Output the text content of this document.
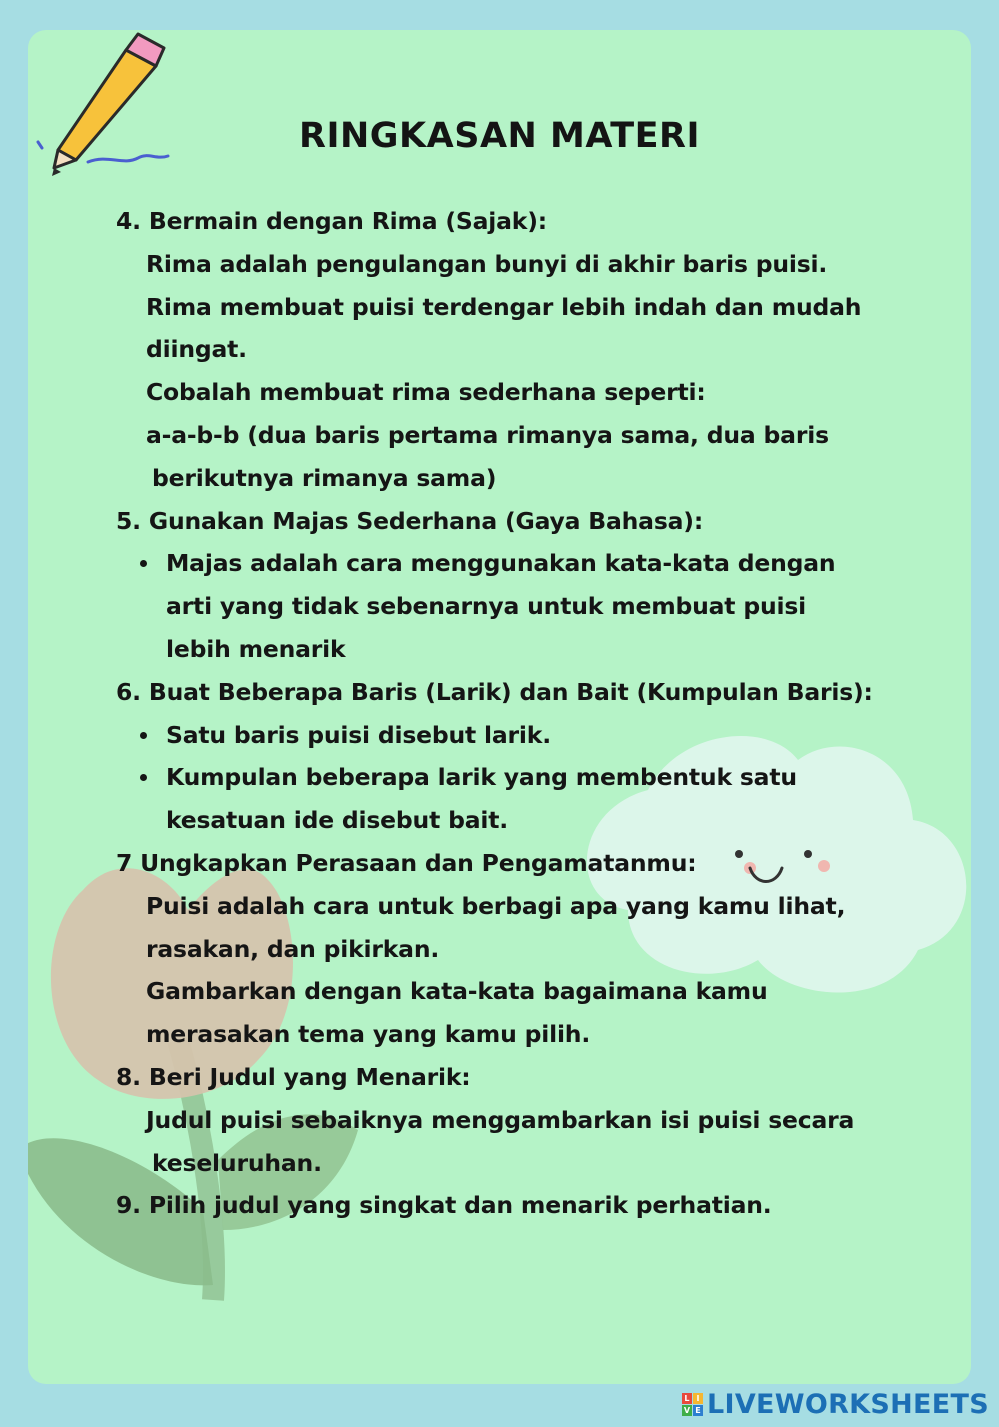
RINGKASAN MATERI
4. Bermain dengan Rima (Sajak):
Rima adalah pengulangan bunyi di akhir baris puisi.
Rima membuat puisi terdengar lebih indah dan mudah
diingat.
Cobalah membuat rima sederhana seperti:
a-a-b-b (dua baris pertama rimanya sama, dua baris
berikutnya rimanya sama)
5. Gunakan Majas Sederhana (Gaya Bahasa):
Majas adalah cara menggunakan kata-kata dengan
arti yang tidak sebenarnya untuk membuat puisi
lebih menarik
6. Buat Beberapa Baris (Larik) dan Bait (Kumpulan Baris):
Satu baris puisi disebut larik.
Kumpulan beberapa larik yang membentuk satu
kesatuan ide disebut bait.
7 Ungkapkan Perasaan dan Pengamatanmu:
Puisi adalah cara untuk berbagi apa yang kamu lihat,
rasakan, dan pikirkan.
Gambarkan dengan kata-kata bagaimana kamu
merasakan tema yang kamu pilih.
8. Beri Judul yang Menarik:
Judul puisi sebaiknya menggambarkan isi puisi secara
keseluruhan.
9. Pilih judul yang singkat dan menarik perhatian.
L I
V E LIVEWORKSHEETS
